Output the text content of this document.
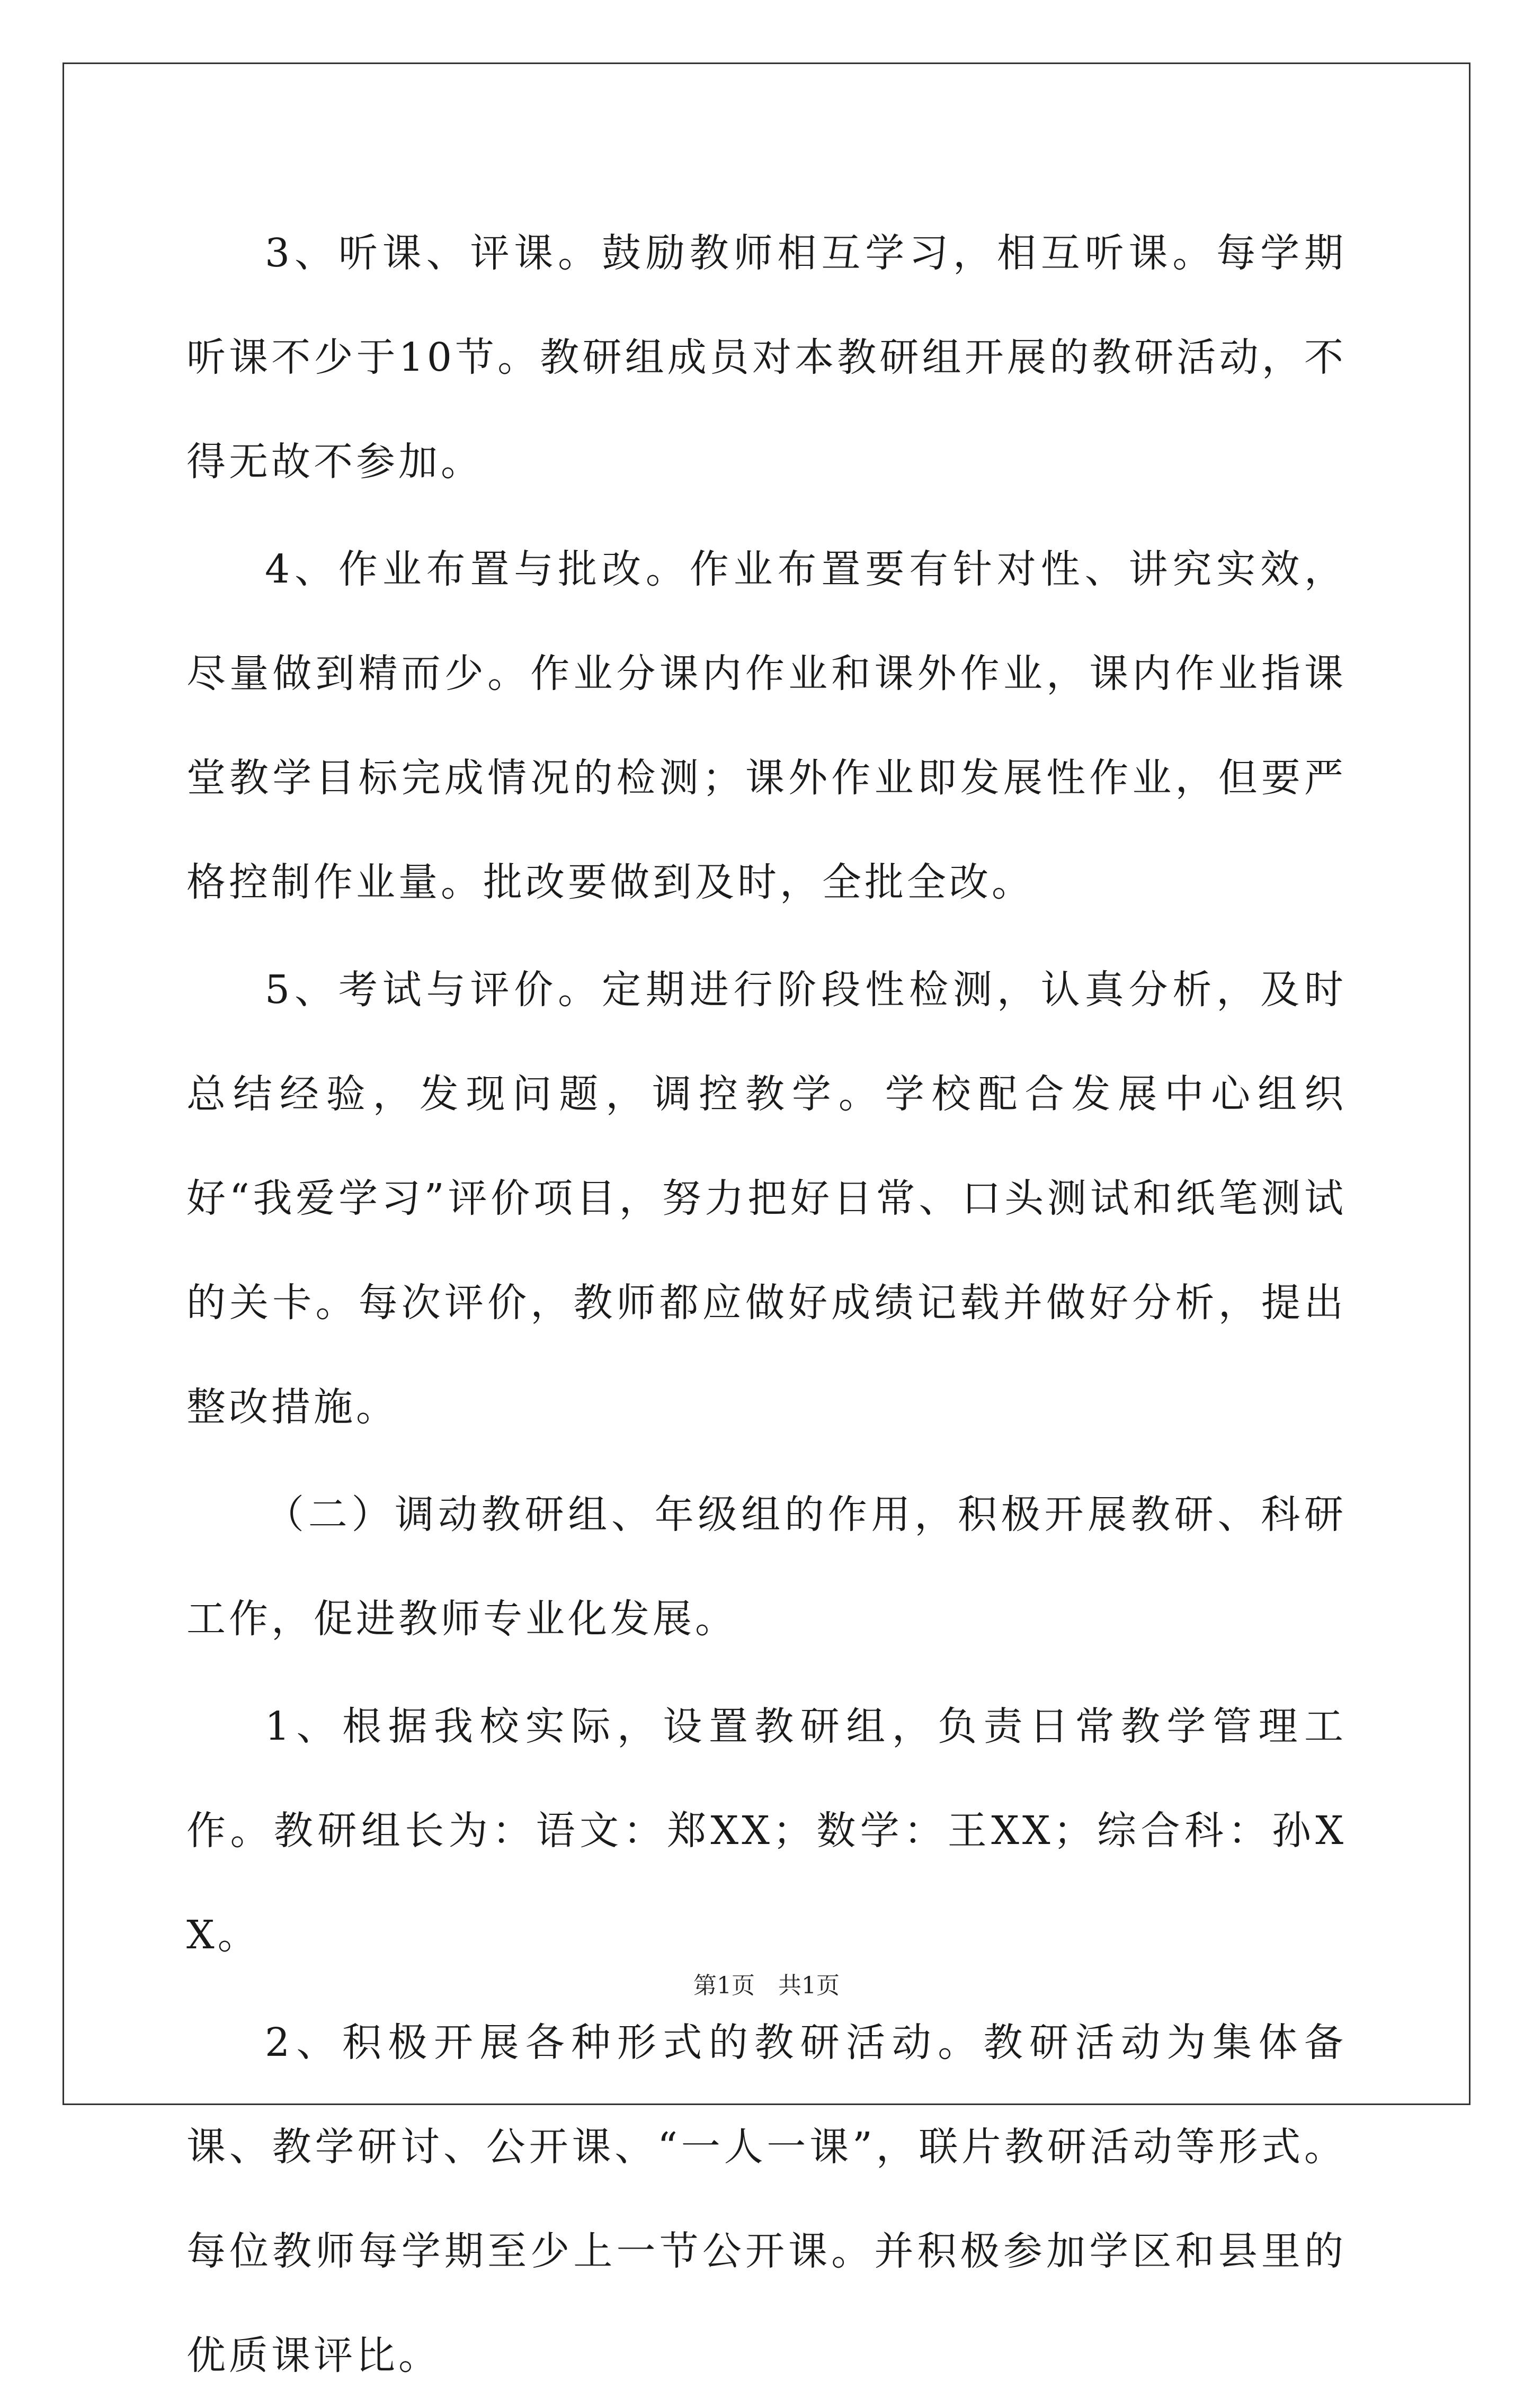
3、听课、评课。鼓励教师相互学习，相互听课。每学期听课不少于10节。教研组成员对本教研组开展的教研活动，不得无故不参加。

4、作业布置与批改。作业布置要有针对性、讲究实效，尽量做到精而少。作业分课内作业和课外作业，课内作业指课堂教学目标完成情况的检测；课外作业即发展性作业，但要严格控制作业量。批改要做到及时，全批全改。

5、考试与评价。定期进行阶段性检测，认真分析，及时总结经验，发现问题，调控教学。学校配合发展中心组织好“我爱学习”评价项目，努力把好日常、口头测试和纸笔测试的关卡。每次评价，教师都应做好成绩记载并做好分析，提出整改措施。

（二）调动教研组、年级组的作用，积极开展教研、科研工作，促进教师专业化发展。

1、根据我校实际，设置教研组，负责日常教学管理工作。教研组长为：语文：郑XX；数学：王XX；综合科：孙XX。

2、积极开展各种形式的教研活动。教研活动为集体备课、教学研讨、公开课、“一人一课”，联片教研活动等形式。每位教师每学期至少上一节公开课。并积极参加学区和县里的优质课评比。

第1页　共1页
